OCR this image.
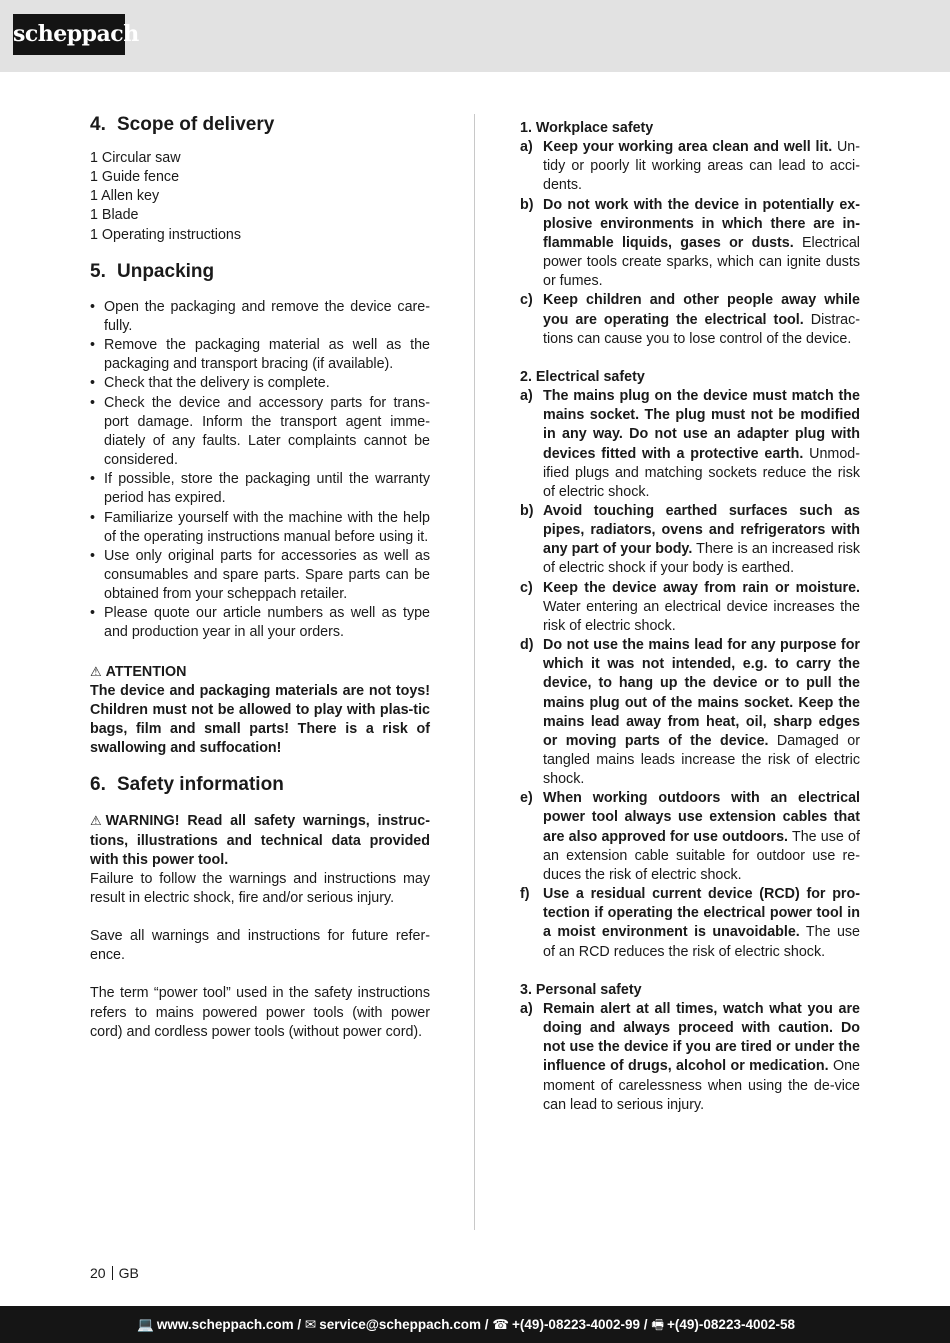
scheppach
4. Scope of delivery
1 Circular saw
1 Guide fence
1 Allen key
1 Blade
1 Operating instructions
5. Unpacking
• Open the packaging and remove the device care-fully.
• Remove the packaging material as well as the packaging and transport bracing (if available).
• Check that the delivery is complete.
• Check the device and accessory parts for trans-port damage. Inform the transport agent imme-diately of any faults. Later complaints cannot be considered.
• If possible, store the packaging until the warranty period has expired.
• Familiarize yourself with the machine with the help of the operating instructions manual before using it.
• Use only original parts for accessories as well as consumables and spare parts. Spare parts can be obtained from your scheppach retailer.
• Please quote our article numbers as well as type and production year in all your orders.

⚠ ATTENTION

The device and packaging materials are not toys! Children must not be allowed to play with plas-tic bags, film and small parts! There is a risk of swallowing and suffocation!

6. Safety information

⚠ WARNING! Read all safety warnings, instruc-tions, illustrations and technical data provided with this power tool.

Failure to follow the warnings and instructions may result in electric shock, fire and/or serious injury.

Save all warnings and instructions for future refer-ence.

The term “power tool” used in the safety instructions refers to mains powered power tools (with power cord) and cordless power tools (without power cord).

1. Workplace safety

a) Keep your working area clean and well lit. Un-tidy or poorly lit working areas can lead to acci-dents.
b) Do not work with the device in potentially ex-plosive environments in which there are in-flammable liquids, gases or dusts. Electrical power tools create sparks, which can ignite dusts or fumes.
c) Keep children and other people away while you are operating the electrical tool. Distrac-tions can cause you to lose control of the device.

2. Electrical safety

a) The mains plug on the device must match the mains socket. The plug must not be modified in any way. Do not use an adapter plug with devices fitted with a protective earth. Unmod-ified plugs and matching sockets reduce the risk of electric shock.
b) Avoid touching earthed surfaces such as pipes, radiators, ovens and refrigerators with any part of your body. There is an increased risk of electric shock if your body is earthed.
c) Keep the device away from rain or moisture. Water entering an electrical device increases the risk of electric shock.
d) Do not use the mains lead for any purpose for which it was not intended, e.g. to carry the device, to hang up the device or to pull the mains plug out of the mains socket. Keep the mains lead away from heat, oil, sharp edges or moving parts of the device. Damaged or tangled mains leads increase the risk of electric shock.
e) When working outdoors with an electrical power tool always use extension cables that are also approved for use outdoors. The use of an extension cable suitable for outdoor use re-duces the risk of electric shock.
f) Use a residual current device (RCD) for pro-tection if operating the electrical power tool in a moist environment is unavoidable. The use of an RCD reduces the risk of electric shock.

3. Personal safety

a) Remain alert at all times, watch what you are doing and always proceed with caution. Do not use the device if you are tired or under the influence of drugs, alcohol or medication. One moment of carelessness when using the de-vice can lead to serious injury.
20 GB
💻 www.scheppach.com / ✉ service@scheppach.com / ☎ +(49)-08223-4002-99 / 🖷 +(49)-08223-4002-58
